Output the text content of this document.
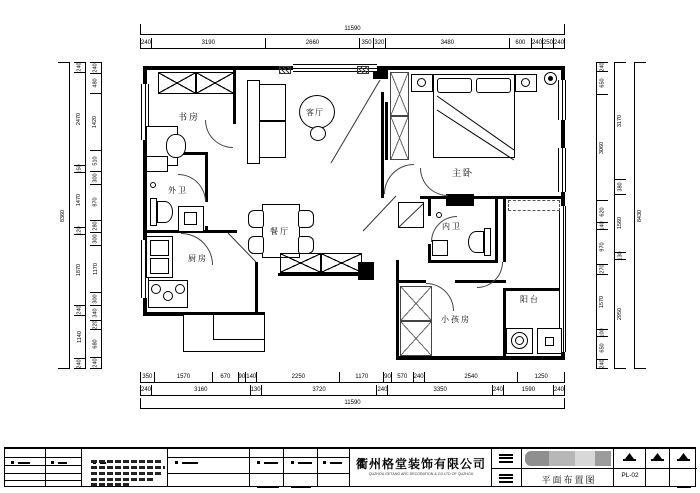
书房	客厅
主卧
外卫
餐厅
厨房
内卫
小孩房
阳台
11590
240	3190	2660	350 320	3480	600 240 250 240
350	1570	670 90 140	2250	1170	90 570 240	2540	1250
240	3160	130	3720	240	3350	240	1590	240
11590
8360
240
2470
150
1470
120
1870
240
1140
240
240
480
1420
510
300
870
280
300
1170
300
340
220
680
240
240
650
3060
620
140
970
270
1570
100
650
240
3170
380
1560
130
2950
8430

衢州格堂装饰有限公司
QUZHOU GETANG ARC DECORATION & CO.LTD OF QUZHOU
平面布置图	PL-02
